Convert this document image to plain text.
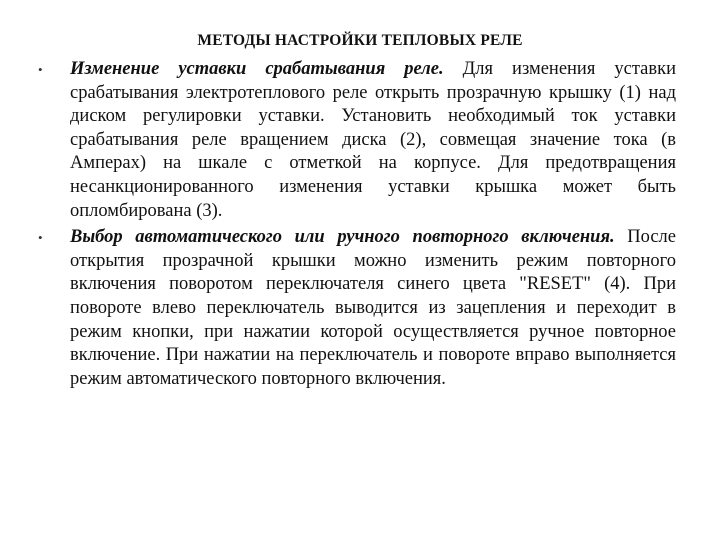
МЕТОДЫ НАСТРОЙКИ ТЕПЛОВЫХ РЕЛЕ
• Изменение уставки срабатывания реле. Для изменения уставки срабатывания электротеплового реле открыть прозрачную крышку (1) над диском регулировки уставки. Установить необходимый ток уставки срабатывания реле вращением диска (2), совмещая значение тока (в Амперах) на шкале с отметкой на корпусе. Для предотвращения несанкционированного изменения уставки крышка может быть опломбирована (3).
• Выбор автоматического или ручного повторного включения. После открытия прозрачной крышки можно изменить режим повторного включения поворотом переключателя синего цвета "RESET" (4). При повороте влево переключатель выводится из зацепления и переходит в режим кнопки, при нажатии которой осуществляется ручное повторное включение. При нажатии на переключатель и повороте вправо выполняется режим автоматического повторного включения.
